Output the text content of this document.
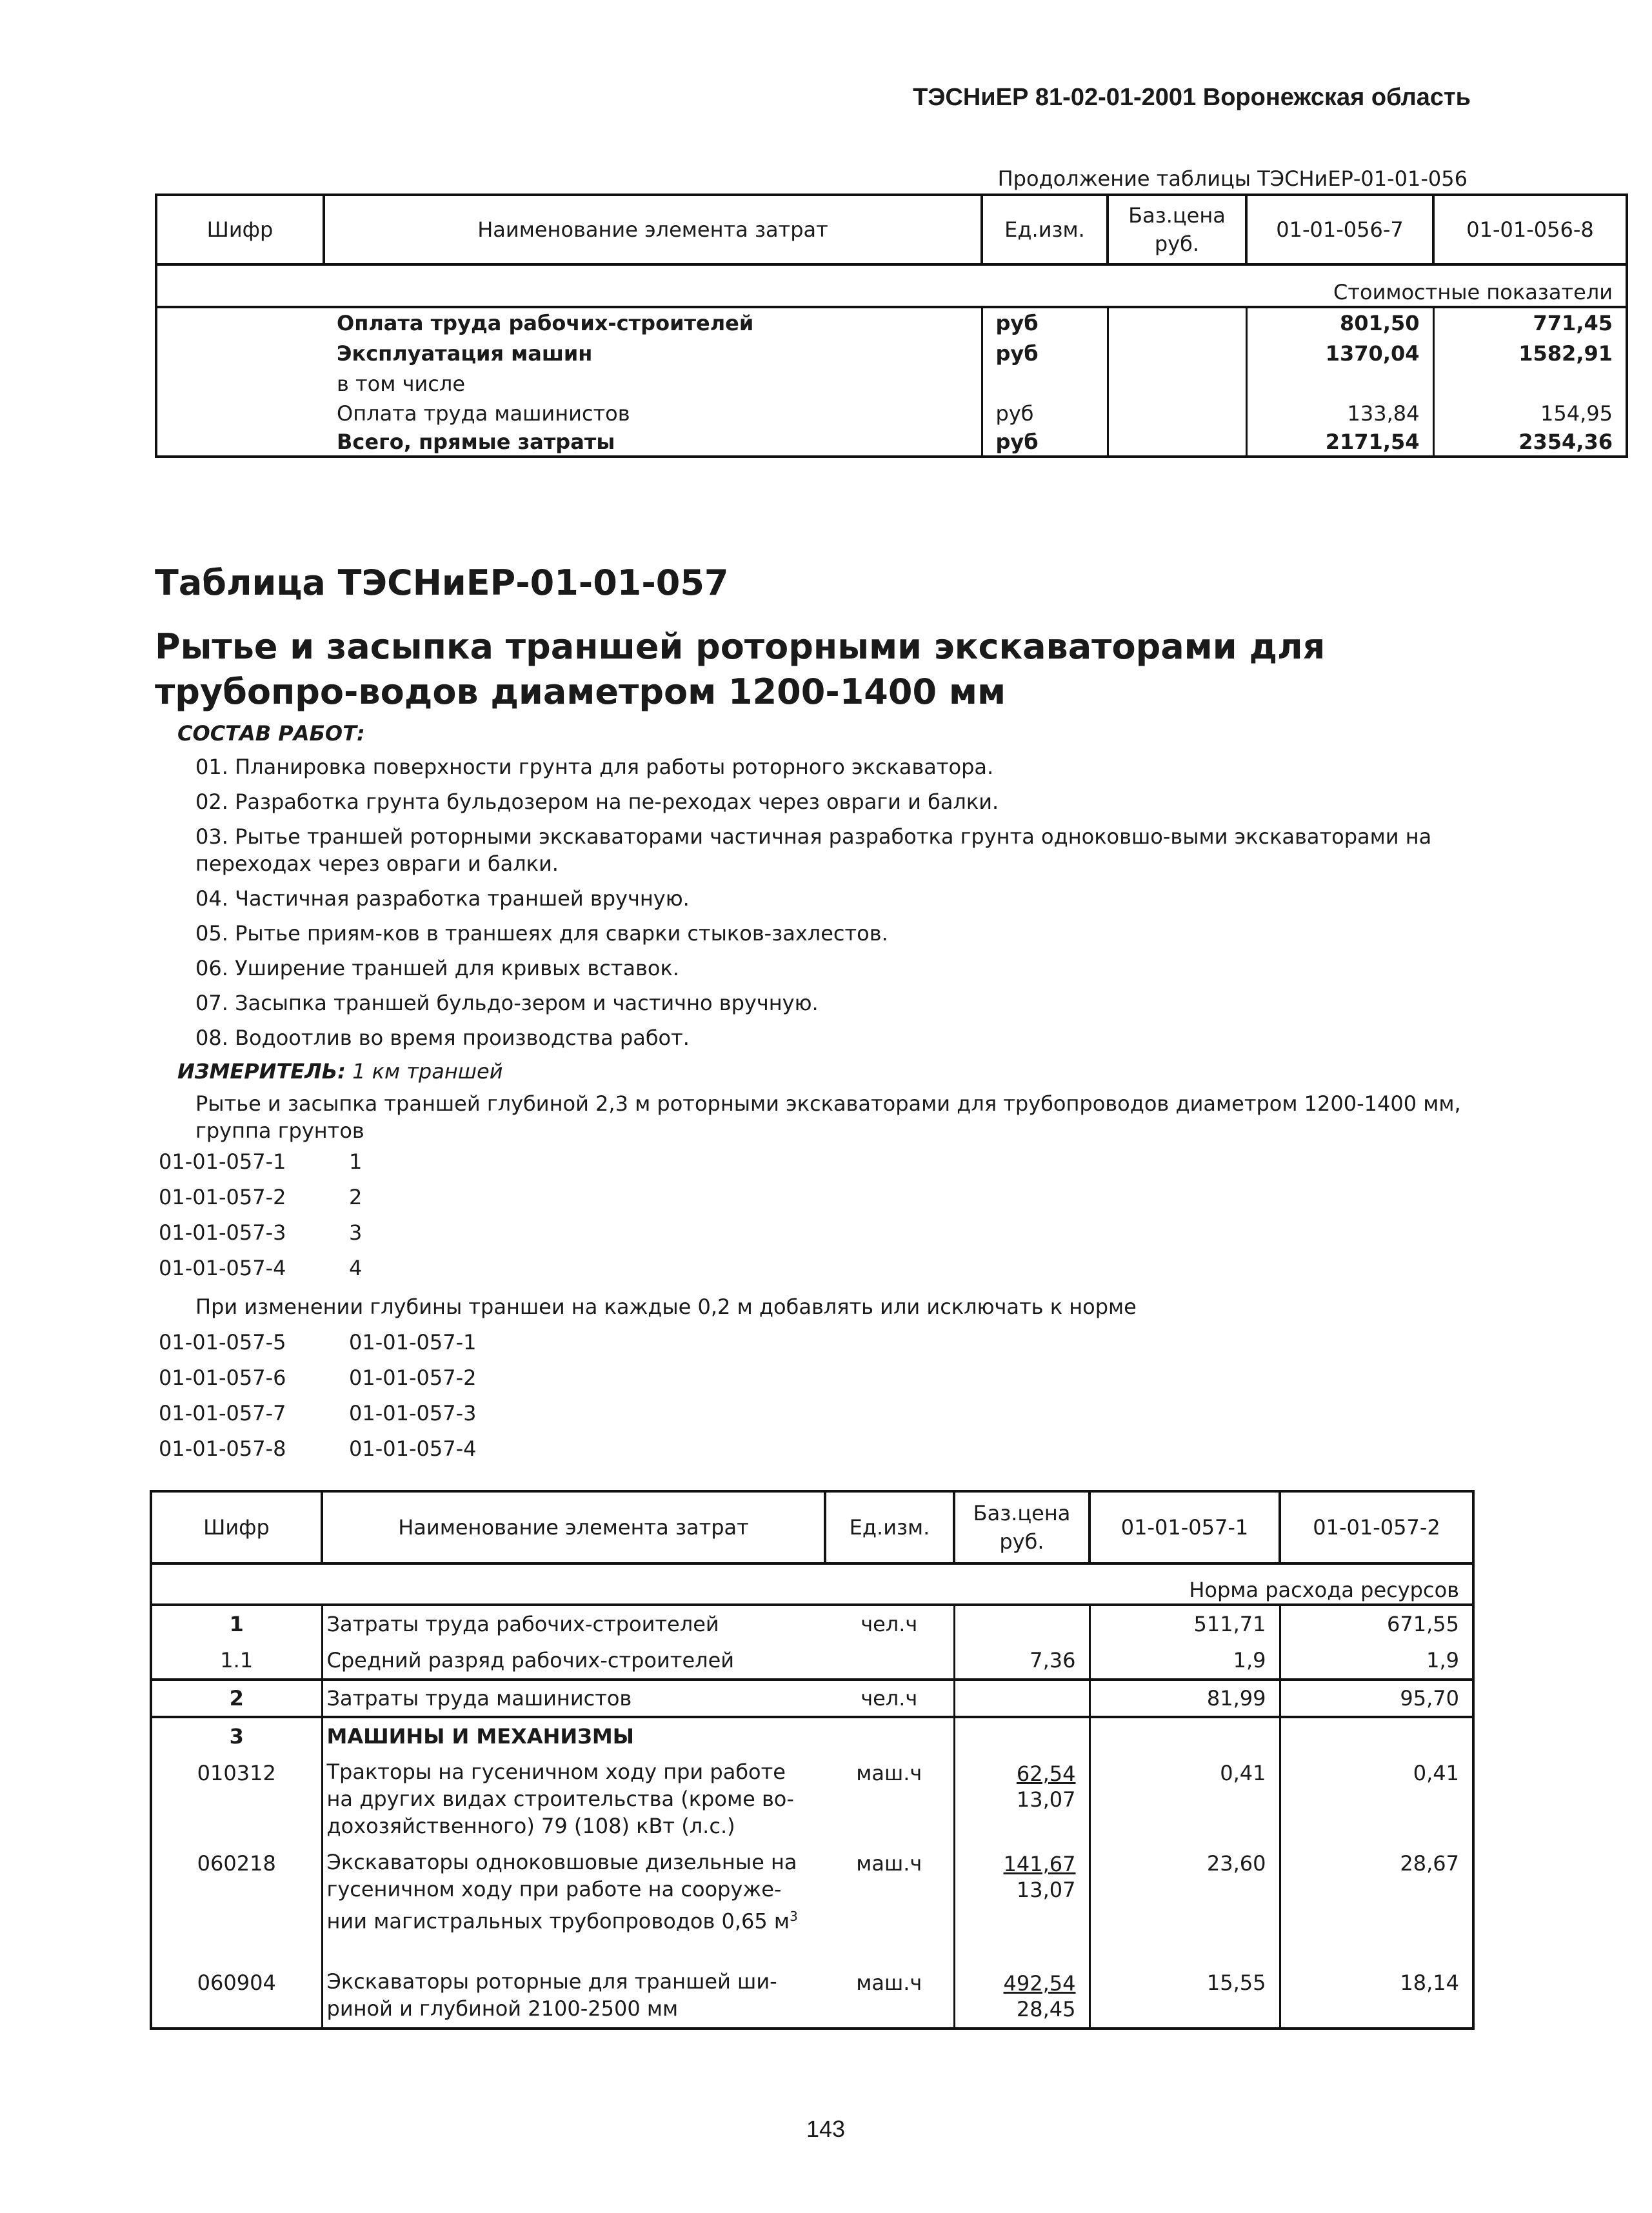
ТЭСНиЕР 81-02-01-2001 Воронежская область
Продолжение таблицы ТЭСНиЕР-01-01-056
Шифр	Наименование элемента затрат	Ед.изм.	Баз.цена руб.	01-01-056-7	01-01-056-8

Стоимостные показатели					
	Оплата труда рабочих-строителей	руб		801,50	771,45
	Эксплуатация машин	руб		1370,04	1582,91
	в том числе				
	Оплата труда машинистов	руб		133,84	154,95
	Всего, прямые затраты	руб		2171,54	2354,36
Таблица ТЭСНиЕР-01-01-057
Рытье и засыпка траншей роторными экскаваторами для трубопро-водов диаметром 1200-1400 мм
СОСТАВ РАБОТ:
01. Планировка поверхности грунта для работы роторного экскаватора.
02. Разработка грунта бульдозером на пе-реходах через овраги и балки.
03. Рытье траншей роторными экскаваторами частичная разработка грунта одноковшо-выми экскаваторами на переходах через овраги и балки.
04. Частичная разработка траншей вручную.
05. Рытье приям-ков в траншеях для сварки стыков-захлестов.
06. Уширение траншей для кривых вставок.
07. Засыпка траншей бульдо-зером и частично вручную.
08. Водоотлив во время производства работ.
ИЗМЕРИТЕЛЬ: 1 км траншей
Рытье и засыпка траншей глубиной 2,3 м роторными экскаваторами для трубопроводов диаметром 1200-1400 мм, группа грунтов
01-01-057-1	1
01-01-057-2	2
01-01-057-3	3
01-01-057-4	4
При изменении глубины траншеи на каждые 0,2 м добавлять или исключать к норме
01-01-057-5	01-01-057-1
01-01-057-6	01-01-057-2
01-01-057-7	01-01-057-3
01-01-057-8	01-01-057-4
Шифр	Наименование элемента затрат	Ед.изм.	Баз.цена руб.	01-01-057-1	01-01-057-2

Норма расхода ресурсов					
1	Затраты труда рабочих-строителей	чел.ч		511,71	671,55
1.1	Средний разряд рабочих-строителей		7,36	1,9	1,9
2	Затраты труда машинистов	чел.ч		81,99	95,70
3	МАШИНЫ И МЕХАНИЗМЫ				
010312	Тракторы на гусеничном ходу при работе на других видах строительства (кроме во-дохозяйственного) 79 (108) кВт (л.с.)	маш.ч	$\frac{62,54}{13,07}$	0,41	0,41
060218	Экскаваторы одноковшовые дизельные на гусеничном ходу при работе на сооруже-нии магистральных трубопроводов 0,65 $м^3$	маш.ч	$\frac{141,67}{13,07}$	23,60	28,67
060904	Экскаваторы роторные для траншей ши-риной и глубиной 2100-2500 мм	маш.ч	$\frac{492,54}{28,45}$	15,55	18,14
143
